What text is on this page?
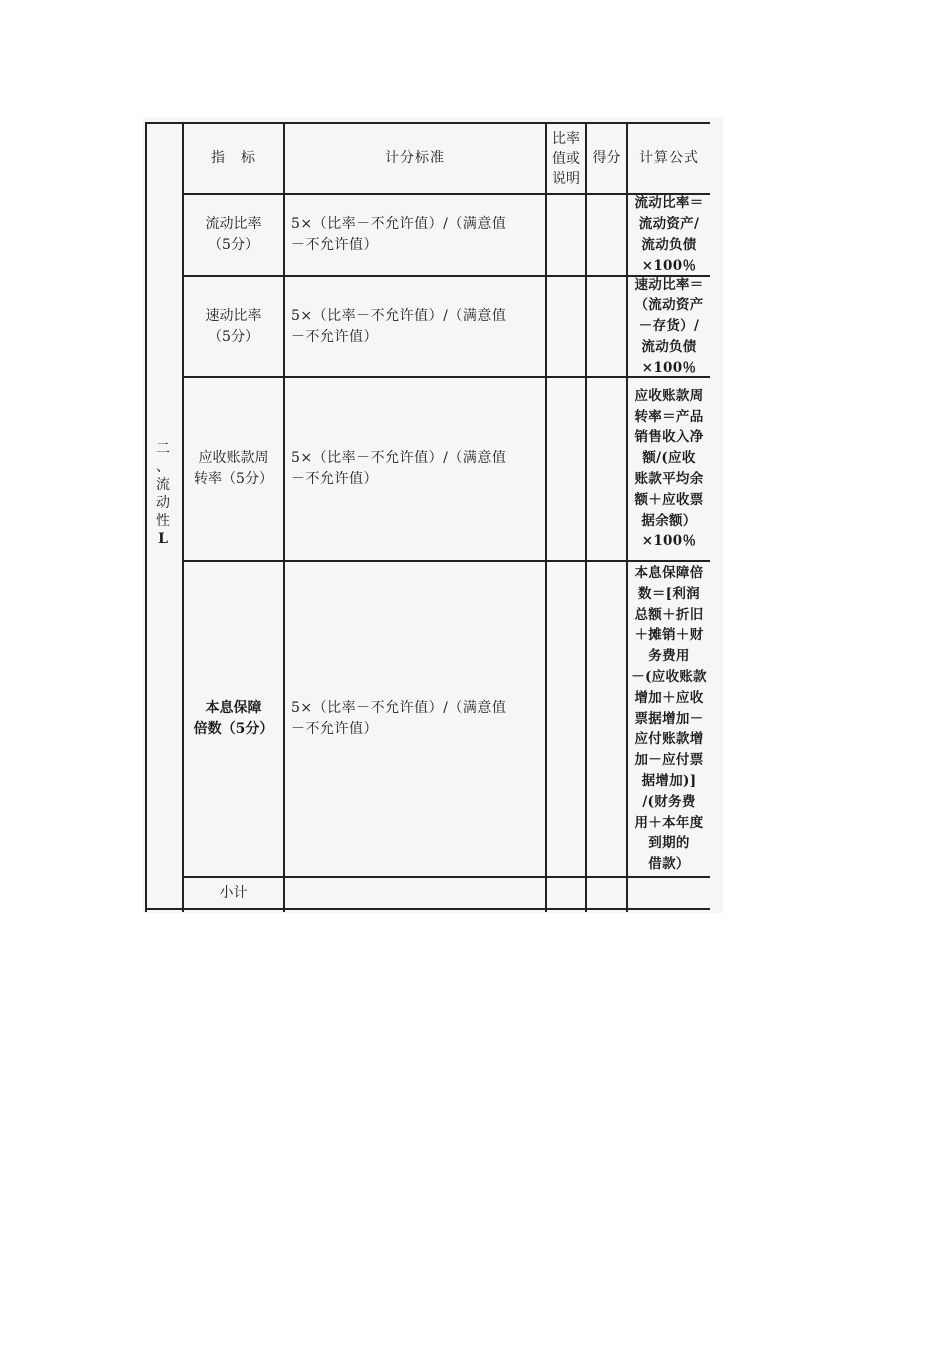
二
、
流
动
性
L
指　标	计分标准
比率
值或
说明
得分	计算公式
流动比率
（5分）
5×（比率－不允许值）/（满意值
－不允许值）
流动比率＝
流动资产/
流动负债
×100％
速动比率
（5分）
5×（比率－不允许值）/（满意值
－不允许值）
速动比率＝
（流动资产
－存货）/
流动负债
×100％
应收账款周
转率（5分）
5×（比率－不允许值）/（满意值
－不允许值）
应收账款周
转率＝产品
销售收入净
额/(应收
账款平均余
额＋应收票
据余额）
×100％
本息保障
倍数（5分）
5×（比率－不允许值）/（满意值
－不允许值）
本息保障倍
数＝[利润
总额＋折旧
＋摊销＋财
务费用
－(应收账款
增加＋应收
票据增加－
应付账款增
加－应付票
据增加)]
/(财务费
用＋本年度
到期的
借款）
小计
